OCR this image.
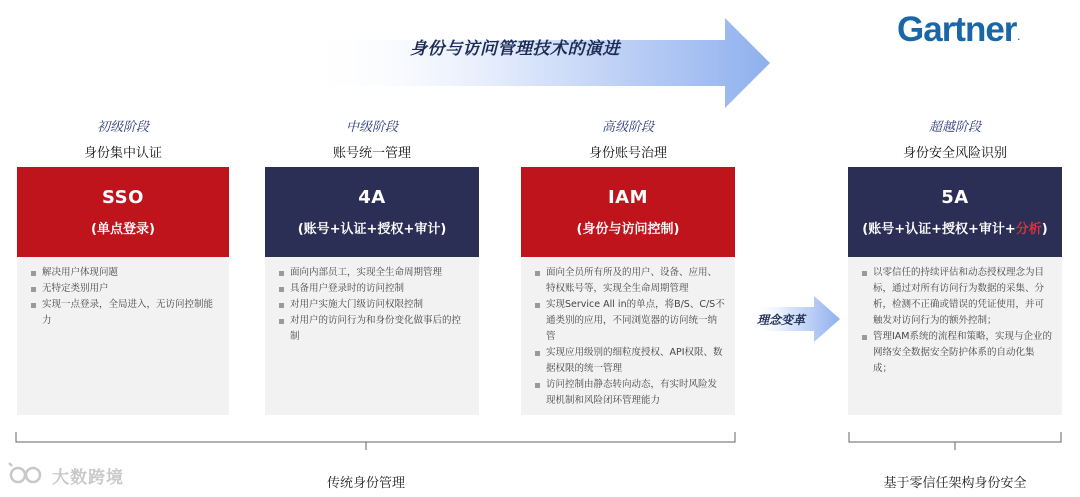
身份与访问管理技术的演进	Gartner.
初级阶段
身份集中认证
SSO
(单点登录)
解决用户体现问题
无特定类别用户
实现一点登录，全局进入，无访问控制能力
中级阶段
账号统一管理
4A
(账号+认证+授权+审计)
面向内部员工，实现全生命周期管理
具备用户登录时的访问控制
对用户实施大门级访问权限控制
对用户的访问行为和身份变化做事后的控制
高级阶段
身份账号治理
IAM
(身份与访问控制)
面向全员所有所及的用户、设备、应用、特权账号等，实现全生命周期管理
实现Service All in的单点，将B/S、C/S不通类别的应用，不同浏览器的访问统一纳管
实现应用级别的细粒度授权、API权限、数据权限的统一管理
访问控制由静态转向动态，有实时风险发现机制和风险闭环管理能力
理念变革
超越阶段
身份安全风险识别
5A
(账号+认证+授权+审计+分析)
以零信任的持续评估和动态授权理念为目标，通过对所有访问行为数据的采集、分析，检测不正确或错误的凭证使用，并可触发对访问行为的额外控制；
管理IAM系统的流程和策略，实现与企业的网络安全数据安全防护体系的自动化集成；
传统身份管理	基于零信任架构身份安全
大数跨境
